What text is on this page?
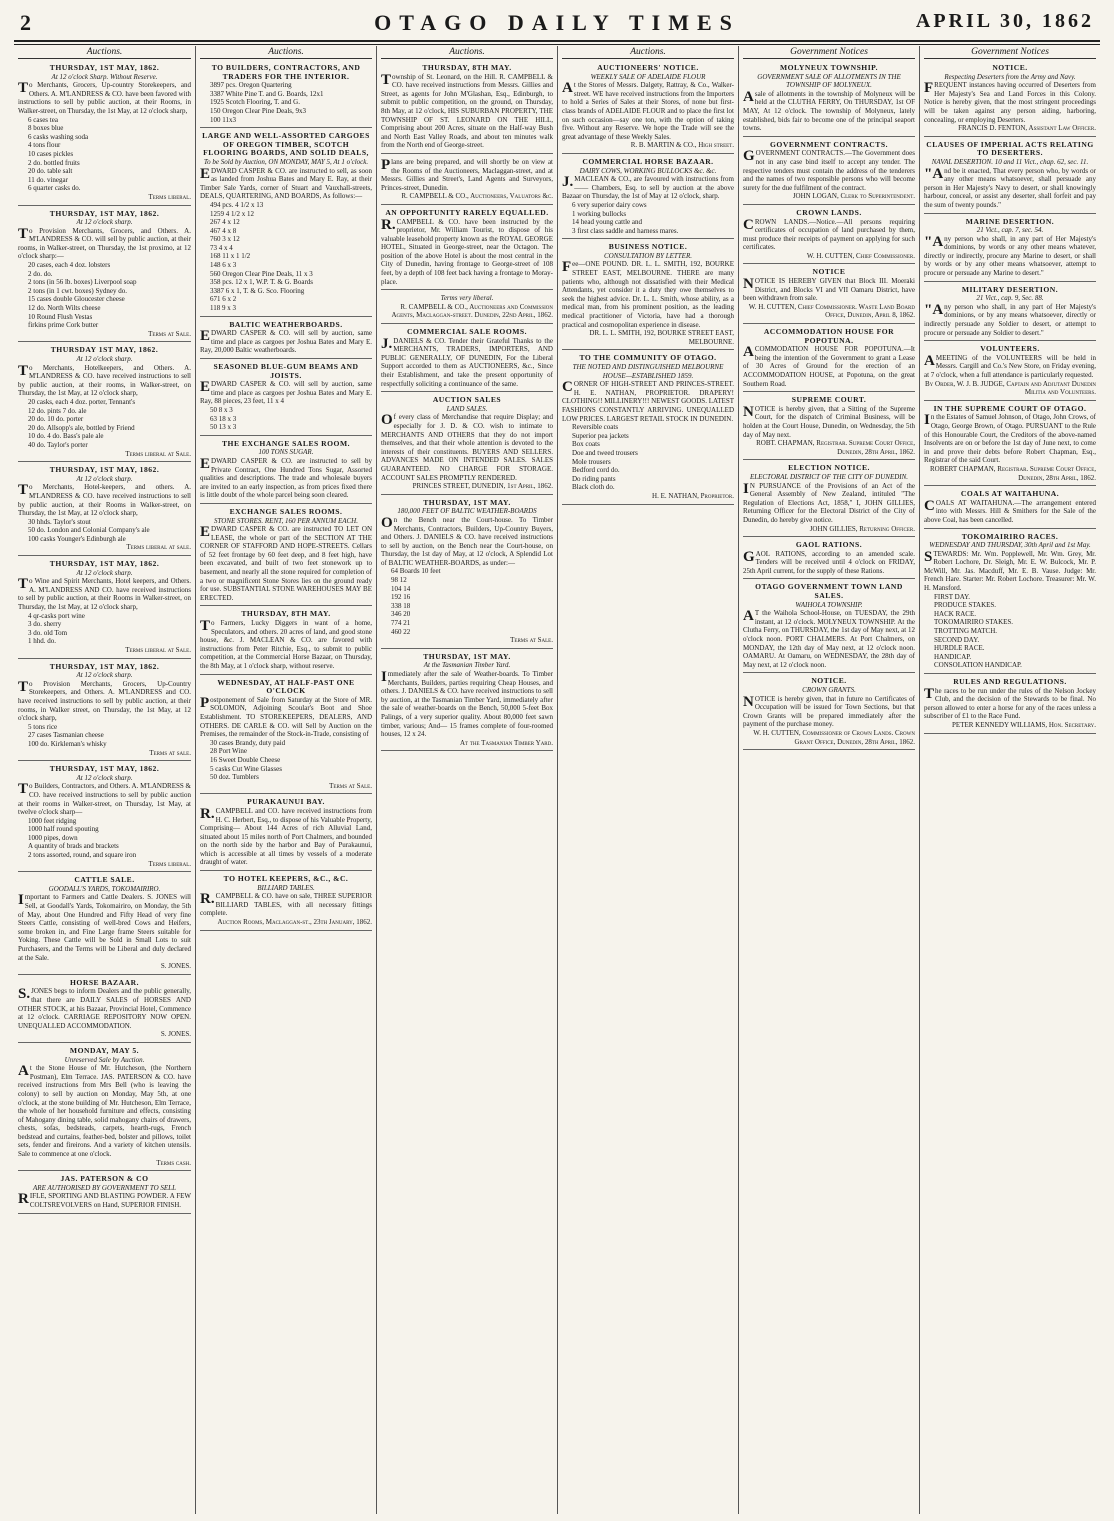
2	OTAGO DAILY TIMES	APRIL 30, 1862
Auctions.
THURSDAY, 1ST MAY, 1862.
At 12 o'clock Sharp. Without Reserve.

To Merchants, Grocers, Up-country Storekeepers, and Others. A. M'LANDRESS & CO. have been favored with instructions to sell by public auction, at their Rooms, in Walker-street, on Thursday, the 1st May, at 12 o'clock sharp,

6 cases tea
8 boxes blue
6 casks washing soda
4 tons flour
10 cases pickles
2 do. bottled fruits
20 do. table salt
11 do. vinegar
6 quarter casks do.
Terms liberal.
THURSDAY, 1ST MAY, 1862.
At 12 o'clock sharp.

To Provision Merchants, Grocers, and Others. A. M'LANDRESS & CO. will sell by public auction, at their rooms, in Walker-street, on Thursday, the 1st proximo, at 12 o'clock sharp:—

20 cases, each 4 doz. lobsters
2 do. do.
2 tons (in 56 lb. boxes) Liverpool soap
2 tons (in 1 cwt. boxes) Sydney do.
15 cases double Gloucester cheese
12 do. North Wilts cheese
10 Round Flush Vestas
firkins prime Cork butter
Terms at Sale.
THURSDAY 1ST MAY, 1862.
At 12 o'clock sharp.

To Merchants, Hotelkeepers, and Others. A. M'LANDRESS & CO. have received instructions to sell by public auction, at their rooms, in Walker-street, on Thursday, the 1st May, at 12 o'clock sharp,

20 casks, each 4 doz. porter, Tennant's
12 do. pints 7 do. ale
20 do. 10 do. porter
20 do. Allsopp's ale, bottled by Friend
10 do. 4 do. Bass's pale ale
40 do. Taylor's porter
Terms liberal at Sale.
THURSDAY, 1ST MAY, 1862.
At 12 o'clock sharp.

To Merchants, Hotel-keepers, and others. A. M'LANDRESS & CO. have received instructions to sell by public auction, at their Rooms in Walker-street, on Thursday, the 1st May, at 12 o'clock sharp,

30 hhds. Taylor's stout
50 do. London and Colonial Company's ale
100 casks Younger's Edinburgh ale
Terms liberal at sale.
THURSDAY, 1ST MAY, 1862.
At 12 o'clock sharp.

To Wine and Spirit Merchants, Hotel keepers, and Others. A. M'LANDRESS AND CO. have received instructions to sell by public auction, at their Rooms in Walker-street, on Thursday, the 1st May, at 12 o'clock sharp,

4 qr-casks port wine
3 do. sherry
3 do. old Tom
1 hhd. do.
Terms liberal at Sale.
THURSDAY, 1ST MAY, 1862.
At 12 o'clock sharp.

To Provision Merchants, Grocers, Up-Country Storekeepers, and Others. A. M'LANDRESS and CO. have received instructions to sell by public auction, at their rooms, in Walker street, on Thursday, the 1st May, at 12 o'clock sharp,

5 tons rice
27 cases Tasmanian cheese
100 do. Kirkleman's whisky
Terms at sale.
THURSDAY, 1ST MAY, 1862.
At 12 o'clock sharp.

To Builders, Contractors, and Others. A. M'LANDRESS & CO. have received instructions to sell by public auction at their rooms in Walker-street, on Thursday, 1st May, at twelve o'clock sharp—

1000 feet ridging
1000 half round spouting
1000 pipes, down
A quantity of brads and brackets
2 tons assorted, round, and square iron
Terms liberal.
CATTLE SALE.
GOODALL'S YARDS, TOKOMAIRIRO.

Important to Farmers and Cattle Dealers. S. JONES will Sell, at Goodall's Yards, Tokomairiro, on Monday, the 5th of May, about One Hundred and Fifty Head of very fine Steers Cattle, consisting of well-bred Cows and Heifers, some broken in, and Fine Large frame Steers suitable for Yoking. These Cattle will be Sold in Small Lots to suit Purchasers, and the Terms will be Liberal and duly declared at the Sale.

S. JONES.
HORSE BAZAAR.

S.JONES begs to inform Dealers and the public generally, that there are DAILY SALES of HORSES AND OTHER STOCK, at his Bazaar, Provincial Hotel, Commence at 12 o'clock. CARRIAGE REPOSITORY NOW OPEN. UNEQUALLED ACCOMMODATION.

S. JONES.
MONDAY, MAY 5.
Unreserved Sale by Auction.

At the Stone House of Mr. Hutcheson, (the Northern Postman), Elm Terrace. JAS. PATERSON & CO. have received instructions from Mrs Bell (who is leaving the colony) to sell by auction on Monday, May 5th, at one o'clock, at the stone building of Mr. Hutcheson, Elm Terrace, the whole of her household furniture and effects, consisting of Mahogany dining table, solid mahogany chairs of drawers, chests, sofas, bedsteads, carpets, hearth-rugs, French bedstead and curtains, feather-bed, bolster and pillows, toilet sets, fender and fireirons. And a variety of kitchen utensils. Sale to commence at one o'clock.

Terms cash.
JAS. PATERSON & CO
ARE AUTHORISED BY GOVERNMENT TO SELL

RIFLE, SPORTING AND BLASTING POWDER. A FEW COLTSREVOLVERS on Hand, SUPERIOR FINISH.

Auctions.
TO BUILDERS, CONTRACTORS, AND TRADERS FOR THE INTERIOR.
3897 pcs. Oregon Quartering
3387 White Pine T. and G. Boards, 12x1
1925 Scotch Flooring, T. and G.
150 Oregon Clear Pine Deals, 9x3
100 11x3
LARGE AND WELL-ASSORTED CARGOES OF OREGON TIMBER, SCOTCH FLOORING BOARDS, AND SOLID DEALS,
To be Sold by Auction, ON MONDAY, MAY 5, At 1 o'clock.

EDWARD CASPER & CO. are instructed to sell, as soon as landed from Joshua Bates and Mary E. Ray, at their Timber Sale Yards, corner of Stuart and Vauxhall-streets, DEALS, QUARTERING, AND BOARDS, As follows:—

494 pcs. 4 1/2 x 13
1259 4 1/2 x 12
267 4 x 12
467 4 x 8
760 3 x 12
73 4 x 4
168 11 x 1 1/2
148 6 x 3
560 Oregon Clear Pine Deals, 11 x 3
358 pcs. 12 x 1, W.P. T. & G. Boards
3387 6 x 1, T. & G. Sco. Flooring
671 6 x 2
118 9 x 3
BALTIC WEATHERBOARDS.

EDWARD CASPER & CO. will sell by auction, same time and place as cargoes per Joshua Bates and Mary E. Ray, 20,000 Baltic weatherboards.

SEASONED BLUE-GUM BEAMS AND JOISTS.

EDWARD CASPER & CO. will sell by auction, same time and place as cargoes per Joshua Bates and Mary E. Ray, 88 pieces, 23 feet, 11 x 4

50 8 x 3
63 18 x 3
50 13 x 3
THE EXCHANGE SALES ROOM.
100 TONS SUGAR.

EDWARD CASPER & CO. are instructed to sell by Private Contract, One Hundred Tons Sugar, Assorted qualities and descriptions. The trade and wholesale buyers are invited to an early inspection, as from prices fixed there is little doubt of the whole parcel being soon cleared.

EXCHANGE SALES ROOMS.
STONE STORES. RENT, 160 PER ANNUM EACH.

EDWARD CASPER & CO. are instructed TO LET ON LEASE, the whole or part of the SECTION AT THE CORNER OF STAFFORD AND HOPE-STREETS. Cellars of 52 feet frontage by 60 feet deep, and 8 feet high, have been excavated, and built of two feet stonework up to basement, and nearly all the stone required for completion of a two or magnificent Stone Stores lies on the ground ready for use. SUBSTANTIAL STONE WAREHOUSES MAY BE ERECTED.

THURSDAY, 8TH MAY.

To Farmers, Lucky Diggers in want of a home, Speculators, and others. 20 acres of land, and good stone house, &c. J. MACLEAN & CO. are favored with instructions from Peter Ritchie, Esq., to submit to public competition, at the Commercial Horse Bazaar, on Thursday, the 8th May, at 1 o'clock sharp, without reserve.

WEDNESDAY, AT HALF-PAST ONE O'CLOCK

Postponement of Sale from Saturday at the Store of MR. SOLOMON, Adjoining Scoular's Boot and Shoe Establishment. TO STOREKEEPERS, DEALERS, AND OTHERS. DE CARLE & CO. will Sell by Auction on the Premises, the remainder of the Stock-in-Trade, consisting of

30 cases Brandy, duty paid
28 Port Wine
16 Sweet Double Cheese
5 casks Cut Wine Glasses
50 doz. Tumblers
Terms at Sale.
PURAKAUNUI BAY.

R.CAMPBELL and CO. have received instructions from H. C. Herbert, Esq., to dispose of his Valuable Property, Comprising— About 144 Acres of rich Alluvial Land, situated about 15 miles north of Port Chalmers, and bounded on the north side by the harbor and Bay of Purakaunui, which is accessible at all times by vessels of a moderate draught of water.

TO HOTEL KEEPERS, &C., &C.
BILLIARD TABLES.

R.CAMPBELL & CO. have on sale, THREE SUPERIOR BILLIARD TABLES, with all necessary fittings complete.

Auction Rooms, Maclaggan-st., 23th January, 1862.
Auctions.
THURSDAY, 8TH MAY.

Township of St. Leonard, on the Hill. R. CAMPBELL & CO. have received instructions from Messrs. Gillies and Street, as agents for John M'Glashan, Esq., Edinburgh, to submit to public competition, on the ground, on Thursday, 8th May, at 12 o'clock, HIS SUBURBAN PROPERTY, THE TOWNSHIP OF ST. LEONARD ON THE HILL, Comprising about 200 Acres, situate on the Half-way Bush and North East Valley Roads, and about ten minutes walk from the North end of George-street.

Plans are being prepared, and will shortly be on view at the Rooms of the Auctioneers, Maclaggan-street, and at Messrs. Gillies and Street's, Land Agents and Surveyors, Princes-street, Dunedin.

R. CAMPBELL & CO., Auctioneers, Valuators &c.
AN OPPORTUNITY RARELY EQUALLED.

R.CAMPBELL & CO. have been instructed by the proprietor, Mr. William Tourist, to dispose of his valuable leasehold property known as the ROYAL GEORGE HOTEL, Situated in George-street, near the Octagon. The position of the above Hotel is about the most central in the City of Dunedin, having frontage to George-street of 108 feet, by a depth of 108 feet back having a frontage to Moray-place.

Terms very liberal.
R. CAMPBELL & CO., Auctioneers and Commission Agents, Maclaggan-street. Dunedin, 22nd April, 1862.
COMMERCIAL SALE ROOMS.

J.DANIELS & CO. Tender their Grateful Thanks to the MERCHANTS, TRADERS, IMPORTERS, AND PUBLIC GENERALLY, OF DUNEDIN, For the Liberal Support accorded to them as AUCTIONEERS, &c., Since their Establishment, and take the present opportunity of respectfully soliciting a continuance of the same.

AUCTION SALES
LAND SALES.

Of every class of Merchandise that require Display; and especially for J. D. & CO. wish to intimate to MERCHANTS AND OTHERS that they do not import themselves, and that their whole attention is devoted to the interests of their constituents. BUYERS AND SELLERS. ADVANCES MADE ON INTENDED SALES. SALES GUARANTEED. NO CHARGE FOR STORAGE. ACCOUNT SALES PROMPTLY RENDERED.

PRINCES STREET, DUNEDIN, 1st April, 1862.
THURSDAY, 1ST MAY.
180,000 FEET OF BALTIC WEATHER-BOARDS

On the Bench near the Court-house. To Timber Merchants, Contractors, Builders, Up-Country Buyers, and Others. J. DANIELS & CO. have received instructions to sell by auction, on the Bench near the Court-house, on Thursday, the 1st day of May, at 12 o'clock, A Splendid Lot of BALTIC WEATHER-BOARDS, as under:—

64 Boards 10 feet
98 12
104 14
192 16
338 18
346 20
774 21
460 22
Terms at Sale.
THURSDAY, 1ST MAY.
At the Tasmanian Timber Yard.

Immediately after the sale of Weather-boards. To Timber Merchants, Builders, parties requiring Cheap Houses, and others. J. DANIELS & CO. have received instructions to sell by auction, at the Tasmanian Timber Yard, immediately after the sale of weather-boards on the Bench, 50,000 5-feet Box Palings, of a very superior quality. About 80,000 feet sawn timber, various; And— 15 frames complete of four-roomed houses, 12 x 24.

At the Tasmanian Timber Yard.
Auctions.
AUCTIONEERS' NOTICE.
WEEKLY SALE OF ADELAIDE FLOUR

At the Stores of Messrs. Dalgety, Rattray, & Co., Walker-street. WE have received instructions from the Importers to hold a Series of Sales at their Stores, of none but first-class brands of ADELAIDE FLOUR and to place the first lot on such occasion—say one ton, with the option of taking five. Without any Reserve. We hope the Trade will see the great advantage of these Weekly Sales.

R. B. MARTIN & CO., High street.
COMMERCIAL HORSE BAZAAR.
DAIRY COWS, WORKING BULLOCKS &c. &c.

J.MACLEAN & CO., are favoured with instructions from —— Chambers, Esq. to sell by auction at the above Bazaar on Thursday, the 1st of May at 12 o'clock, sharp.

6 very superior dairy cows
1 working bullocks
14 head young cattle and
3 first class saddle and harness mares.
BUSINESS NOTICE.
CONSULTATION BY LETTER.

Fee—ONE POUND. DR. L. L. SMITH, 192, BOURKE STREET EAST, MELBOURNE. THERE are many patients who, although not dissatisfied with their Medical Attendants, yet consider it a duty they owe themselves to seek the highest advice. Dr. L. L. Smith, whose ability, as a medical man, from his prominent position, as the leading medical practitioner of Victoria, have had a thorough practical and cosmopolitan experience in disease.

DR. L. L. SMITH, 192, BOURKE STREET EAST, MELBOURNE.
TO THE COMMUNITY OF OTAGO.
THE NOTED AND DISTINGUISHED MELBOURNE HOUSE—ESTABLISHED 1859.

CORNER OF HIGH-STREET AND PRINCES-STREET. H. E. NATHAN, PROPRIETOR. DRAPERY! CLOTHING!! MILLINERY!!! NEWEST GOODS. LATEST FASHIONS CONSTANTLY ARRIVING. UNEQUALLED LOW PRICES. LARGEST RETAIL STOCK IN DUNEDIN.

Reversible coats
Superior pea jackets
Box coats
Doe and tweed trousers
Mole trousers
Bedford cord do.
Do riding pants
Black cloth do.
H. E. NATHAN, Proprietor.
Government Notices
MOLYNEUX TOWNSHIP.
GOVERNMENT SALE OF ALLOTMENTS IN THE TOWNSHIP OF MOLYNEUX.

Asale of allotments in the township of Molyneux will be held at the CLUTHA FERRY, On THURSDAY, 1st OF MAY, At 12 o'clock. The township of Molyneux, lately established, bids fair to become one of the principal seaport towns.

GOVERNMENT CONTRACTS.

GOVERNMENT CONTRACTS.—The Government does not in any case bind itself to accept any tender. The respective tenders must contain the address of the tenderers and the names of two responsible persons who will become surety for the due fulfilment of the contract.

JOHN LOGAN, Clerk to Superintendent.
CROWN LANDS.

CROWN LANDS.—Notice.—All persons requiring certificates of occupation of land purchased by them, must produce their receipts of payment on applying for such certificates.

W. H. CUTTEN, Chief Commissioner.
NOTICE

NOTICE IS HEREBY GIVEN that Block III. Moeraki District, and Blocks VI and VII Oamaru District, have been withdrawn from sale.

W. H. CUTTEN, Chief Commissioner. Waste Land Board Office, Dunedin, April 8, 1862.
ACCOMMODATION HOUSE FOR POPOTUNA.

ACOMMODATION HOUSE FOR POPOTUNA.—It being the intention of the Government to grant a Lease of 30 Acres of Ground for the erection of an ACCOMMODATION HOUSE, at Popotuna, on the great Southern Road.

SUPREME COURT.

NOTICE is hereby given, that a Sitting of the Supreme Court, for the dispatch of Criminal Business, will be holden at the Court House, Dunedin, on Wednesday, the 5th day of May next.

ROBT. CHAPMAN, Registrar. Supreme Court Office, Dunedin, 28th April, 1862.
ELECTION NOTICE.
ELECTORAL DISTRICT OF THE CITY OF DUNEDIN.

IN PURSUANCE of the Provisions of an Act of the General Assembly of New Zealand, intituled "The Regulation of Elections Act, 1858," I, JOHN GILLIES, Returning Officer for the Electoral District of the City of Dunedin, do hereby give notice.

JOHN GILLIES, Returning Officer.
GAOL RATIONS.

GAOL RATIONS, according to an amended scale. Tenders will be received until 4 o'clock on FRIDAY, 25th April current, for the supply of these Rations.

OTAGO GOVERNMENT TOWN LAND SALES.
WAIHOLA TOWNSHIP.

AT the Waihola School-House, on TUESDAY, the 29th instant, at 12 o'clock. MOLYNEUX TOWNSHIP. At the Clutha Ferry, on THURSDAY, the 1st day of May next, at 12 o'clock noon. PORT CHALMERS. At Port Chalmers, on MONDAY, the 12th day of May next, at 12 o'clock noon. OAMARU. At Oamaru, on WEDNESDAY, the 28th day of May next, at 12 o'clock noon.

NOTICE.
CROWN GRANTS.

NOTICE is hereby given, that in future no Certificates of Occupation will be issued for Town Sections, but that Crown Grants will be prepared immediately after the payment of the purchase money.

W. H. CUTTEN, Commissioner of Crown Lands. Crown Grant Office, Dunedin, 28th April, 1862.
Government Notices
NOTICE.
Respecting Deserters from the Army and Navy.

FREQUENT instances having occurred of Deserters from Her Majesty's Sea and Land Forces in this Colony. Notice is hereby given, that the most stringent proceedings will be taken against any person aiding, harboring, concealing, or employing Deserters.

FRANCIS D. FENTON, Assistant Law Officer.
CLAUSES OF IMPERIAL ACTS RELATING TO DESERTERS.
NAVAL DESERTION. 10 and 11 Vict., chap. 62, sec. 11.

"And be it enacted, That every person who, by words or any other means whatsoever, shall persuade any person in Her Majesty's Navy to desert, or shall knowingly harbour, conceal, or assist any deserter, shall forfeit and pay the sum of twenty pounds."

MARINE DESERTION.
21 Vict., cap. 7, sec. 54.

"Any person who shall, in any part of Her Majesty's dominions, by words or any other means whatever, directly or indirectly, procure any Marine to desert, or shall by words or by any other means whatsoever, attempt to procure or persuade any Marine to desert."

MILITARY DESERTION.
21 Vict., cap. 9, Sec. 88.

"Any person who shall, in any part of Her Majesty's dominions, or by any means whatsoever, directly or indirectly persuade any Soldier to desert, or attempt to procure or persuade any Soldier to desert."

VOLUNTEERS.

AMEETING of the VOLUNTEERS will be held in Messrs. Cargill and Co.'s New Store, on Friday evening, at 7 o'clock, when a full attendance is particularly requested.

By Order, W. J. B. JUDGE, Captain and Adjutant Dunedin Militia and Volunteers.
IN THE SUPREME COURT OF OTAGO.

In the Estates of Samuel Johnson, of Otago, John Crows, of Otago, George Brown, of Otago. PURSUANT to the Rule of this Honourable Court, the Creditors of the above-named Insolvents are on or before the 1st day of June next, to come in and prove their debts before Robert Chapman, Esq., Registrar of the said Court.

ROBERT CHAPMAN, Registrar. Supreme Court Office, Dunedin, 28th April, 1862.
COALS AT WAITAHUNA.

COALS AT WAITAHUNA.—The arrangement entered into with Messrs. Hill & Smithers for the Sale of the above Coal, has been cancelled.

TOKOMAIRIRO RACES.
WEDNESDAY AND THURSDAY, 30th April and 1st May.

STEWARDS: Mr. Wm. Popplewell, Mr. Wm. Grey, Mr. Robert Lochore, Dr. Sleigh, Mr. E. W. Bulcock, Mr. P. McWill, Mr. Jas. Macduff, Mr. E. B. Vause. Judge: Mr. French Hare. Starter: Mr. Robert Lochore. Treasurer: Mr. W. H. Mansford.

FIRST DAY.
PRODUCE STAKES.
HACK RACE.
TOKOMAIRIRO STAKES.
TROTTING MATCH.
SECOND DAY.
HURDLE RACE.
HANDICAP.
CONSOLATION HANDICAP.
RULES AND REGULATIONS.

The races to be run under the rules of the Nelson Jockey Club, and the decision of the Stewards to be final. No person allowed to enter a horse for any of the races unless a subscriber of £1 to the Race Fund.

PETER KENNEDY WILLIAMS, Hon. Secretary.
